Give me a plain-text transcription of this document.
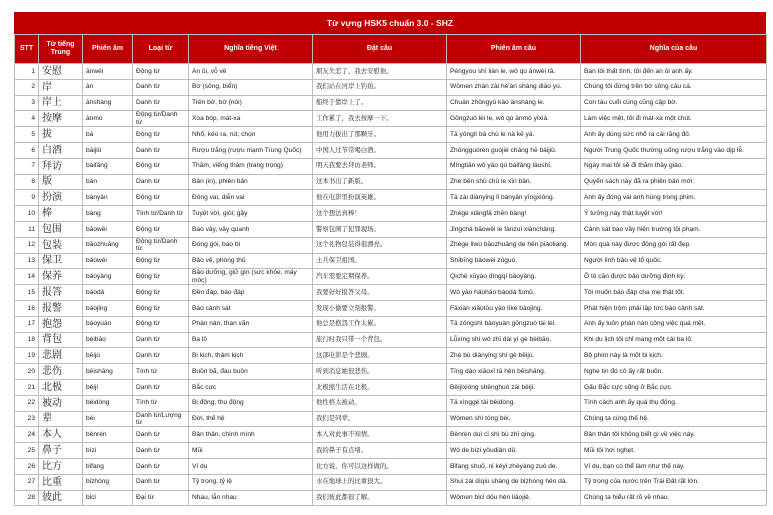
Từ vựng HSK5 chuẩn 3.0 - SHZ
STT	Từ tiếng Trung	Phiên âm	Loại từ	Nghĩa tiếng Việt	Đặt câu	Phiên âm câu	Nghĩa của câu
1	安慰	ānwèi	Động từ	An ủi, vỗ về	朋友失恋了，我去安慰他。	Péngyou shī liàn le, wǒ qù ānwèi tā.	Bạn tôi thất tình, tôi đến an ủi anh ấy.
2	岸	àn	Danh từ	Bờ (sông, biển)	我们站在河岸上钓鱼。	Wǒmen zhàn zài hé'àn shàng diào yú.	Chúng tôi đứng trên bờ sông câu cá.
3	岸上	ànshàng	Danh từ	Trên bờ, bờ (nói)	船终于靠岸上了。	Chuán zhōngyú kào ànshàng le.	Con tàu cuối cùng cũng cập bờ.
4	按摩	ànmó	Động từ/Danh từ	Xoa bóp, mát-xa	工作累了，我去按摩一下。	Gōngzuò lèi le, wǒ qù ànmó yīxià.	Làm việc mệt, tôi đi mát-xa một chút.
5	拔	bá	Động từ	Nhổ, kéo ra, rút; chọn	他用力拔出了那颗牙。	Tā yònglì bá chū le nà kē yá.	Anh ấy dùng sức nhổ ra cái răng đó.
6	白酒	báijiǔ	Danh từ	Rượu trắng (rượu mạnh Trung Quốc)	中国人过节常喝白酒。	Zhōngguórén guòjié cháng hē báijiǔ.	Người Trung Quốc thường uống rượu trắng vào dịp lễ.
7	拜访	bàifǎng	Động từ	Thăm, viếng thăm (trang trọng)	明天我要去拜访老师。	Míngtiān wǒ yào qù bàifǎng lǎoshī.	Ngày mai tôi sẽ đi thăm thầy giáo.
8	版	bǎn	Danh từ	Bản (in), phiên bản	这本书出了新版。	Zhè běn shū chū le xīn bǎn.	Quyển sách này đã ra phiên bản mới.
9	扮演	bànyǎn	Động từ	Đóng vai, diễn vai	他在电影里扮演英雄。	Tā zài diànyǐng lǐ bànyǎn yīngxióng.	Anh ấy đóng vai anh hùng trong phim.
10	棒	bàng	Tính từ/Danh từ	Tuyệt vời, giỏi; gậy	这个想法真棒！	Zhège xiǎngfǎ zhēn bàng!	Ý tưởng này thật tuyệt vời!
11	包围	bāowéi	Động từ	Bao vây, vây quanh	警察包围了犯罪现场。	Jǐngchá bāowéi le fànzuì xiànchǎng.	Cảnh sát bao vây hiện trường tội phạm.
12	包装	bāozhuāng	Động từ/Danh từ	Đóng gói, bao bì	这个礼物包装得很漂亮。	Zhège lǐwù bāozhuāng de hěn piàoliang.	Món quà này được đóng gói rất đẹp.
13	保卫	bǎowèi	Động từ	Bảo vệ, phòng thủ	士兵保卫祖国。	Shìbīng bǎowèi zǔguó.	Người lính bảo vệ tổ quốc.
14	保养	bǎoyǎng	Động từ	Bảo dưỡng, giữ gìn (sức khỏe, máy móc)	汽车需要定期保养。	Qìchē xūyào dìngqī bǎoyǎng.	Ô tô cần được bảo dưỡng định kỳ.
15	报答	bàodá	Động từ	Đền đáp, báo đáp	我要好好报答父母。	Wǒ yào hǎohǎo bàodá fùmǔ.	Tôi muốn báo đáp cha mẹ thật tốt.
16	报警	bàojǐng	Động từ	Báo cảnh sát	发现小偷要立刻报警。	Fāxiàn xiǎotōu yào lìkè bàojǐng.	Phát hiện trộm phải lập tức báo cảnh sát.
17	抱怨	bàoyuàn	Động từ	Phàn nàn, than vãn	他总是抱怨工作太累。	Tā zǒngshì bàoyuàn gōngzuò tài lèi.	Anh ấy luôn phàn nàn công việc quá mệt.
18	背包	bèibāo	Danh từ	Ba lô	旅行时我只带一个背包。	Lǚxíng shí wǒ zhǐ dài yí gè bèibāo.	Khi du lịch tôi chỉ mang một cái ba lô.
19	悲剧	bēijù	Danh từ	Bi kịch, thảm kịch	这部电影是个悲剧。	Zhè bù diànyǐng shì gè bēijù.	Bộ phim này là một bi kịch.
20	悲伤	bēishāng	Tính từ	Buồn bã, đau buồn	听到消息她很悲伤。	Tīng dào xiāoxī tā hěn bēishāng.	Nghe tin đó cô ấy rất buồn.
21	北极	běijí	Danh từ	Bắc cực	北极熊生活在北极。	Běijíxióng shēnghuó zài běijí.	Gấu Bắc cực sống ở Bắc cực.
22	被动	bèidòng	Tính từ	Bị động, thụ động	他性格太被动。	Tā xìnggé tài bèidòng.	Tính cách anh ấy quá thụ động.
23	辈	bèi	Danh từ/Lượng từ	Đời, thế hệ	我们是同辈。	Wǒmen shì tóng bèi.	Chúng ta cùng thế hệ.
24	本人	běnrén	Danh từ	Bản thân, chính mình	本人对此事不知情。	Běnrén duì cǐ shì bù zhī qíng.	Bản thân tôi không biết gì về việc này.
25	鼻子	bízi	Danh từ	Mũi	我的鼻子有点堵。	Wǒ de bízi yǒudiǎn dǔ.	Mũi tôi hơi nghẹt.
26	比方	bǐfang	Danh từ	Ví dụ	比方说，你可以这样做的。	Bǐfang shuō, nǐ kěyǐ zhèyàng zuò de.	Ví dụ, bạn có thể làm như thế này.
27	比重	bǐzhòng	Danh từ	Tỷ trọng, tỷ lệ	水在地球上的比重很大。	Shuǐ zài dìqiú shàng de bǐzhòng hěn dà.	Tỷ trọng của nước trên Trái Đất rất lớn.
28	彼此	bǐcǐ	Đại từ	Nhau, lẫn nhau	我们彼此都很了解。	Wǒmen bǐcǐ dōu hěn liǎojiě.	Chúng ta hiểu rất rõ về nhau.
